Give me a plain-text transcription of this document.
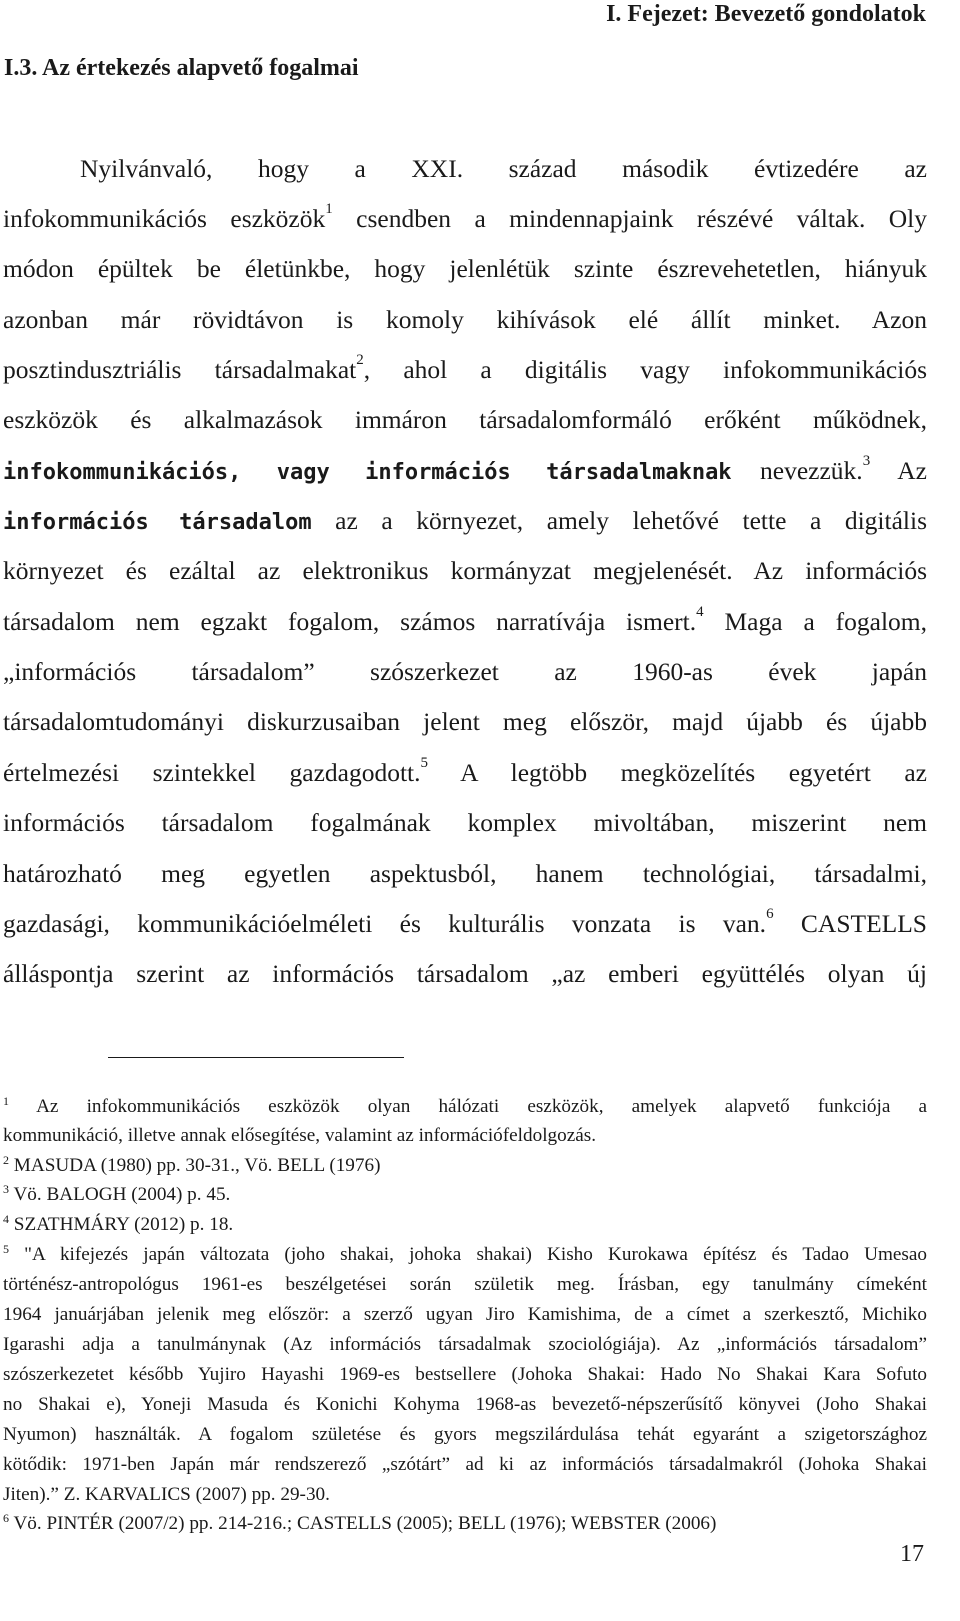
I. Fejezet: Bevezető gondolatok
I.3. Az értekezés alapvető fogalmai
Nyilvánvaló, hogy a XXI. század második évtizedére az
infokommunikációs eszközök$^1$ csendben a mindennapjaink részévé váltak. Oly
módon épültek be életünkbe, hogy jelenlétük szinte észrevehetetlen, hiányuk
azonban már rövidtávon is komoly kihívások elé állít minket. Azon
posztindusztriális társadalmakat$^2$, ahol a digitális vagy infokommunikációs
eszközök és alkalmazások immáron társadalomformáló erőként működnek,
infokommunikációs, vagy információs társadalmaknak nevezzük.$^3$ Az
információs társadalom az a környezet, amely lehetővé tette a digitális
környezet és ezáltal az elektronikus kormányzat megjelenését. Az információs
társadalom nem egzakt fogalom, számos narratívája ismert.$^4$ Maga a fogalom,
„információs társadalom” szószerkezet az 1960-as évek japán
társadalomtudományi diskurzusaiban jelent meg először, majd újabb és újabb
értelmezési szintekkel gazdagodott.$^5$ A legtöbb megközelítés egyetért az
információs társadalom fogalmának komplex mivoltában, miszerint nem
határozható meg egyetlen aspektusból, hanem technológiai, társadalmi,
gazdasági, kommunikációelméleti és kulturális vonzata is van.$^6$ CASTELLS
álláspontja szerint az információs társadalom „az emberi együttélés olyan új
$^1$ Az infokommunikációs eszközök olyan hálózati eszközök, amelyek alapvető funkciója a
kommunikáció, illetve annak elősegítése, valamint az információfeldolgozás.
$^2$ MASUDA (1980) pp. 30-31., Vö. BELL (1976)
$^3$ Vö. BALOGH (2004) p. 45.
$^4$ SZATHMÁRY (2012) p. 18.
$^5$ "A kifejezés japán változata (joho shakai, johoka shakai) Kisho Kurokawa építész és Tadao Umesao
történész-antropológus 1961-es beszélgetései során születik meg. Írásban, egy tanulmány címeként
1964 januárjában jelenik meg először: a szerző ugyan Jiro Kamishima, de a címet a szerkesztő, Michiko
Igarashi adja a tanulmánynak (Az információs társadalmak szociológiája). Az „információs társadalom”
szószerkezetet később Yujiro Hayashi 1969-es bestsellere (Johoka Shakai: Hado No Shakai Kara Sofuto
no Shakai e), Yoneji Masuda és Konichi Kohyma 1968-as bevezető-népszerűsítő könyvei (Joho Shakai
Nyumon) használták. A fogalom születése és gyors megszilárdulása tehát egyaránt a szigetországhoz
kötődik: 1971-ben Japán már rendszerező „szótárt” ad ki az információs társadalmakról (Johoka Shakai
Jiten).” Z. KARVALICS (2007) pp. 29-30.
$^6$ Vö. PINTÉR (2007/2) pp. 214-216.; CASTELLS (2005); BELL (1976); WEBSTER (2006)
17
